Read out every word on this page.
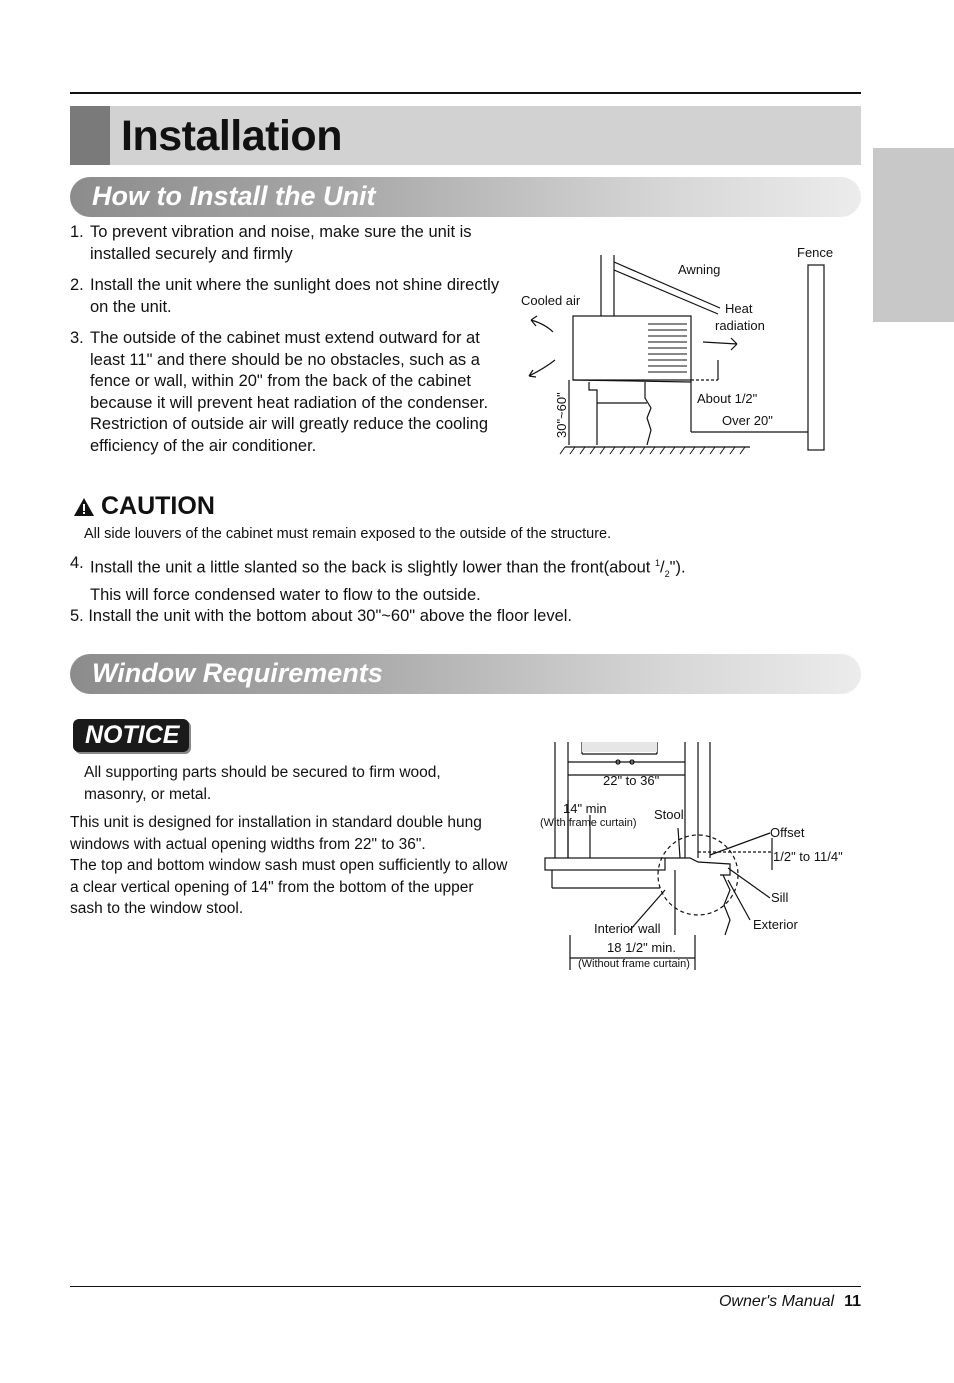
Installation
How to Install the Unit
1. To prevent vibration and noise, make sure the unit is installed securely and firmly
2. Install the unit where the sunlight does not shine directly on the unit.
3. The outside of the cabinet must extend outward for at least 11" and there should be no obstacles, such as a fence or wall, within 20" from the back of the cabinet because it will prevent heat radiation of the condenser.
Restriction of outside air will greatly reduce the cooling efficiency of the air conditioner.
Fence
Awning
Cooled air
Heat
radiation
About 1/2"
Over 20"
30"~60"
CAUTION
All side louvers of the cabinet must remain exposed to the outside of the structure.
4. Install the unit a little slanted so the back is slightly lower than the front(about $^1/_2$").
This will force condensed water to flow to the outside.
5. Install the unit with the bottom about 30"~60" above the floor level.
Window Requirements
NOTICE
All supporting parts should be secured to firm wood, masonry, or metal.
This unit is designed for installation in standard double hung windows with actual opening widths from 22" to 36".
The top and bottom window sash must open sufficiently to allow a clear vertical opening of 14" from the bottom of the upper sash to the window stool.
22" to 36"
14" min
(With frame curtain)
Stool
Offset
1/2" to 11/4"
Sill
Exterior
Interior wall
18 1/2" min.
(Without frame curtain)
Owner's Manual 11
